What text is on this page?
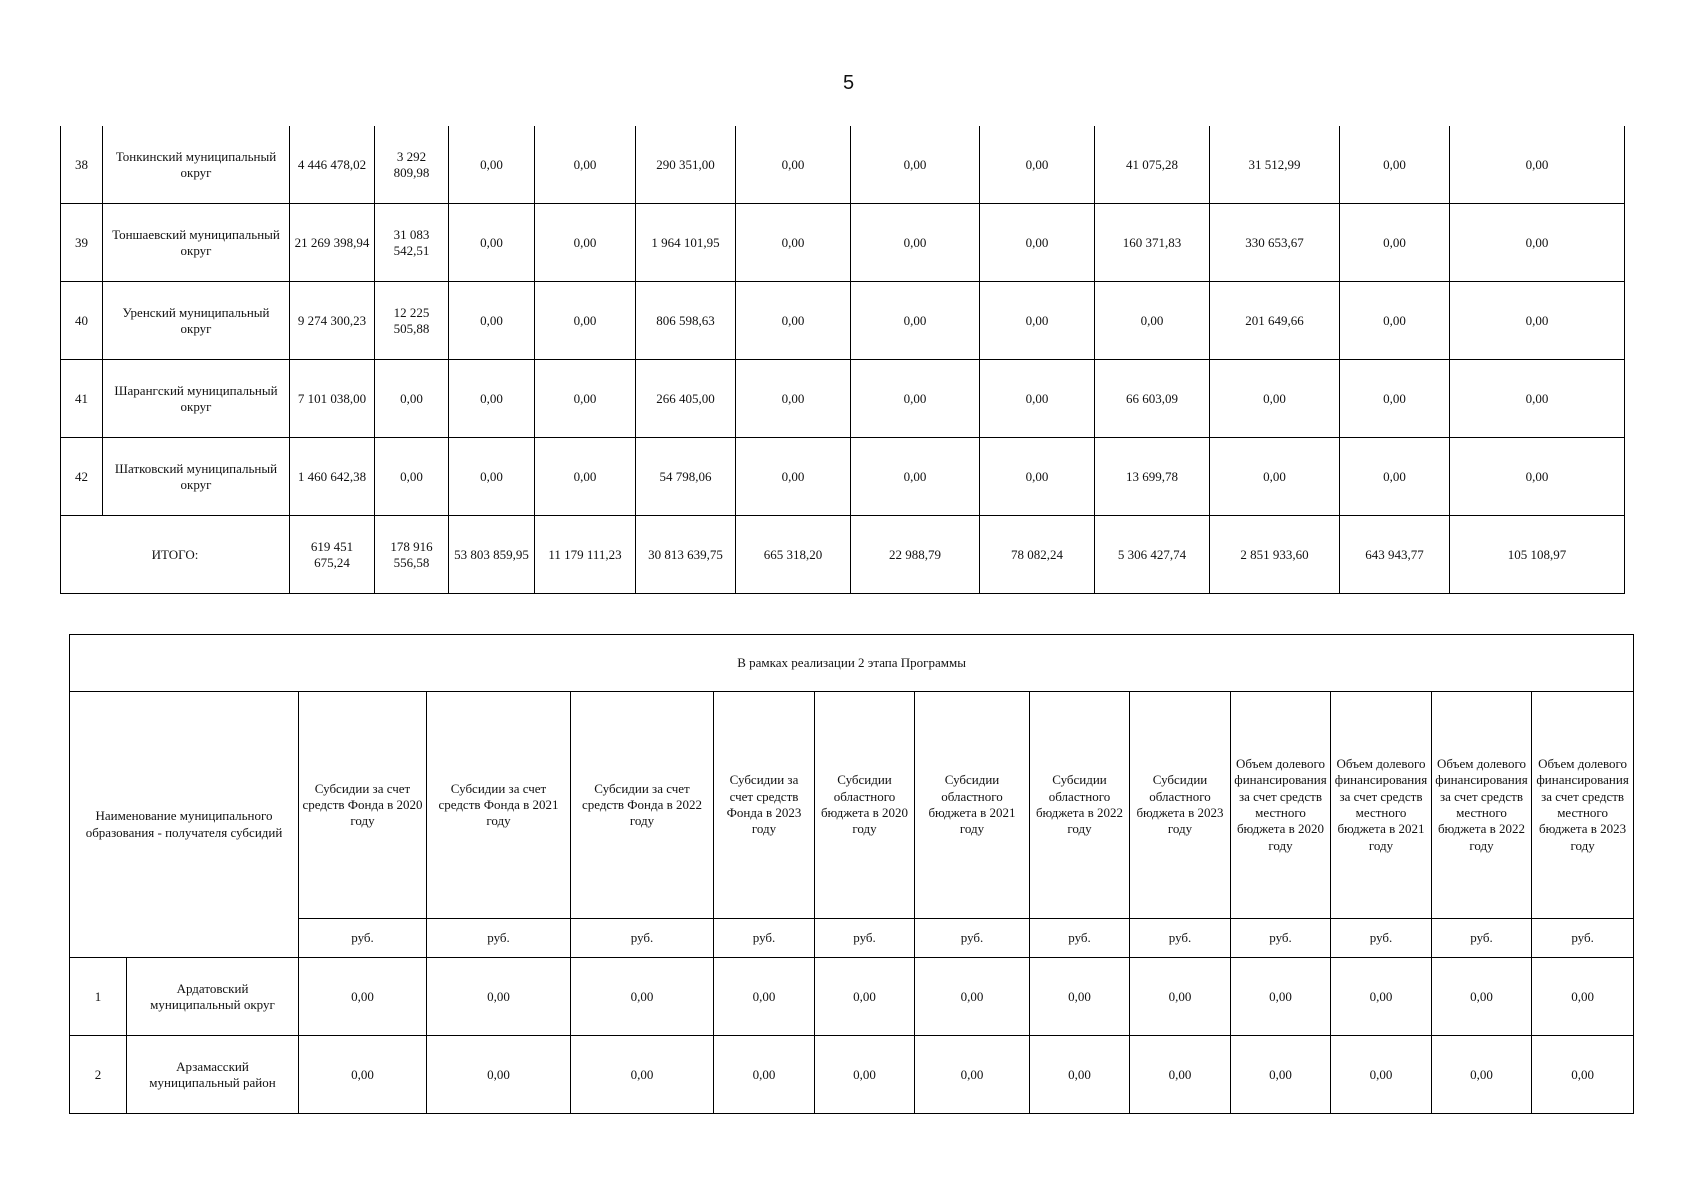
5
38	Тонкинский муниципальный округ	4 446 478,02	3 292 809,98	0,00	0,00	290 351,00	0,00	0,00	0,00	41 075,28	31 512,99	0,00	0,00
39	Тоншаевский муниципальный округ	21 269 398,94	31 083 542,51	0,00	0,00	1 964 101,95	0,00	0,00	0,00	160 371,83	330 653,67	0,00	0,00
40	Уренский муниципальный округ	9 274 300,23	12 225 505,88	0,00	0,00	806 598,63	0,00	0,00	0,00	0,00	201 649,66	0,00	0,00
41	Шарангский муниципальный округ	7 101 038,00	0,00	0,00	0,00	266 405,00	0,00	0,00	0,00	66 603,09	0,00	0,00	0,00
42	Шатковский муниципальный округ	1 460 642,38	0,00	0,00	0,00	54 798,06	0,00	0,00	0,00	13 699,78	0,00	0,00	0,00
ИТОГО:		619 451 675,24	178 916 556,58	53 803 859,95	11 179 111,23	30 813 639,75	665 318,20	22 988,79	78 082,24	5 306 427,74	2 851 933,60	643 943,77	105 108,97
В рамках реализации 2 этапа Программы													
Наименование муниципального образования - получателя субсидий		Субсидии за счет средств Фонда в 2020 году	Субсидии за счет средств Фонда в 2021 году	Субсидии за счет средств Фонда в 2022 году	Субсидии за счет средств Фонда в 2023 году	Субсидии областного бюджета в 2020 году	Субсидии областного бюджета в 2021 году	Субсидии областного бюджета в 2022 году	Субсидии областного бюджета в 2023 году	Объем долевого финансирования за счет средств местного бюджета в 2020 году	Объем долевого финансирования за счет средств местного бюджета в 2021 году	Объем долевого финансирования за счет средств местного бюджета в 2022 году	Объем долевого финансирования за счет средств местного бюджета в 2023 году
		руб.	руб.	руб.	руб.	руб.	руб.	руб.	руб.	руб.	руб.	руб.	руб.
1	Ардатовский муниципальный округ	0,00	0,00	0,00	0,00	0,00	0,00	0,00	0,00	0,00	0,00	0,00	0,00
2	Арзамасский муниципальный район	0,00	0,00	0,00	0,00	0,00	0,00	0,00	0,00	0,00	0,00	0,00	0,00
